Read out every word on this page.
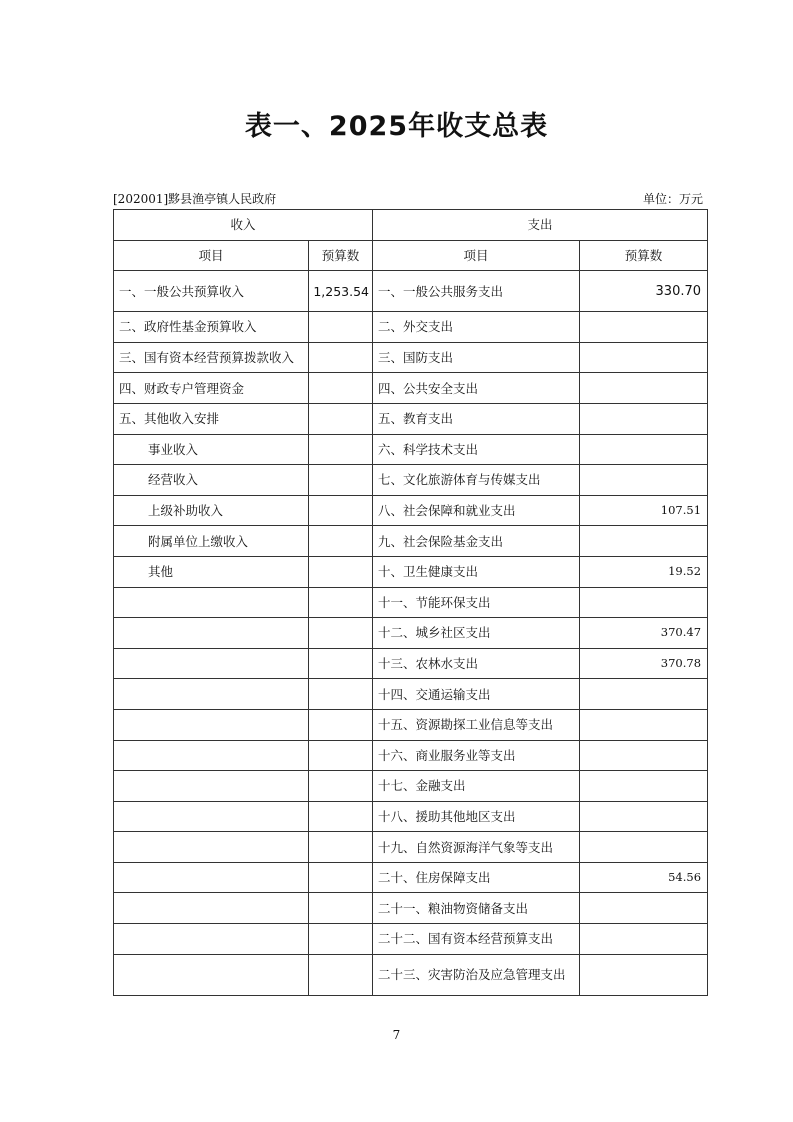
表一、2025年收支总表
[202001]黟县渔亭镇人民政府	单位：万元
收入		支出	
项目	预算数	项目	预算数
一、一般公共预算收入	1,253.54	一、一般公共服务支出	330.70
二、政府性基金预算收入		二、外交支出	
三、国有资本经营预算拨款收入		三、国防支出	
四、财政专户管理资金		四、公共安全支出	
五、其他收入安排		五、教育支出	
事业收入		六、科学技术支出	
经营收入		七、文化旅游体育与传媒支出	
上级补助收入		八、社会保障和就业支出	107.51
附属单位上缴收入		九、社会保险基金支出	
其他		十、卫生健康支出	19.52
		十一、节能环保支出	
		十二、城乡社区支出	370.47
		十三、农林水支出	370.78
		十四、交通运输支出	
		十五、资源勘探工业信息等支出	
		十六、商业服务业等支出	
		十七、金融支出	
		十八、援助其他地区支出	
		十九、自然资源海洋气象等支出	
		二十、住房保障支出	54.56
		二十一、粮油物资储备支出	
		二十二、国有资本经营预算支出	
		二十三、灾害防治及应急管理支出	
7
